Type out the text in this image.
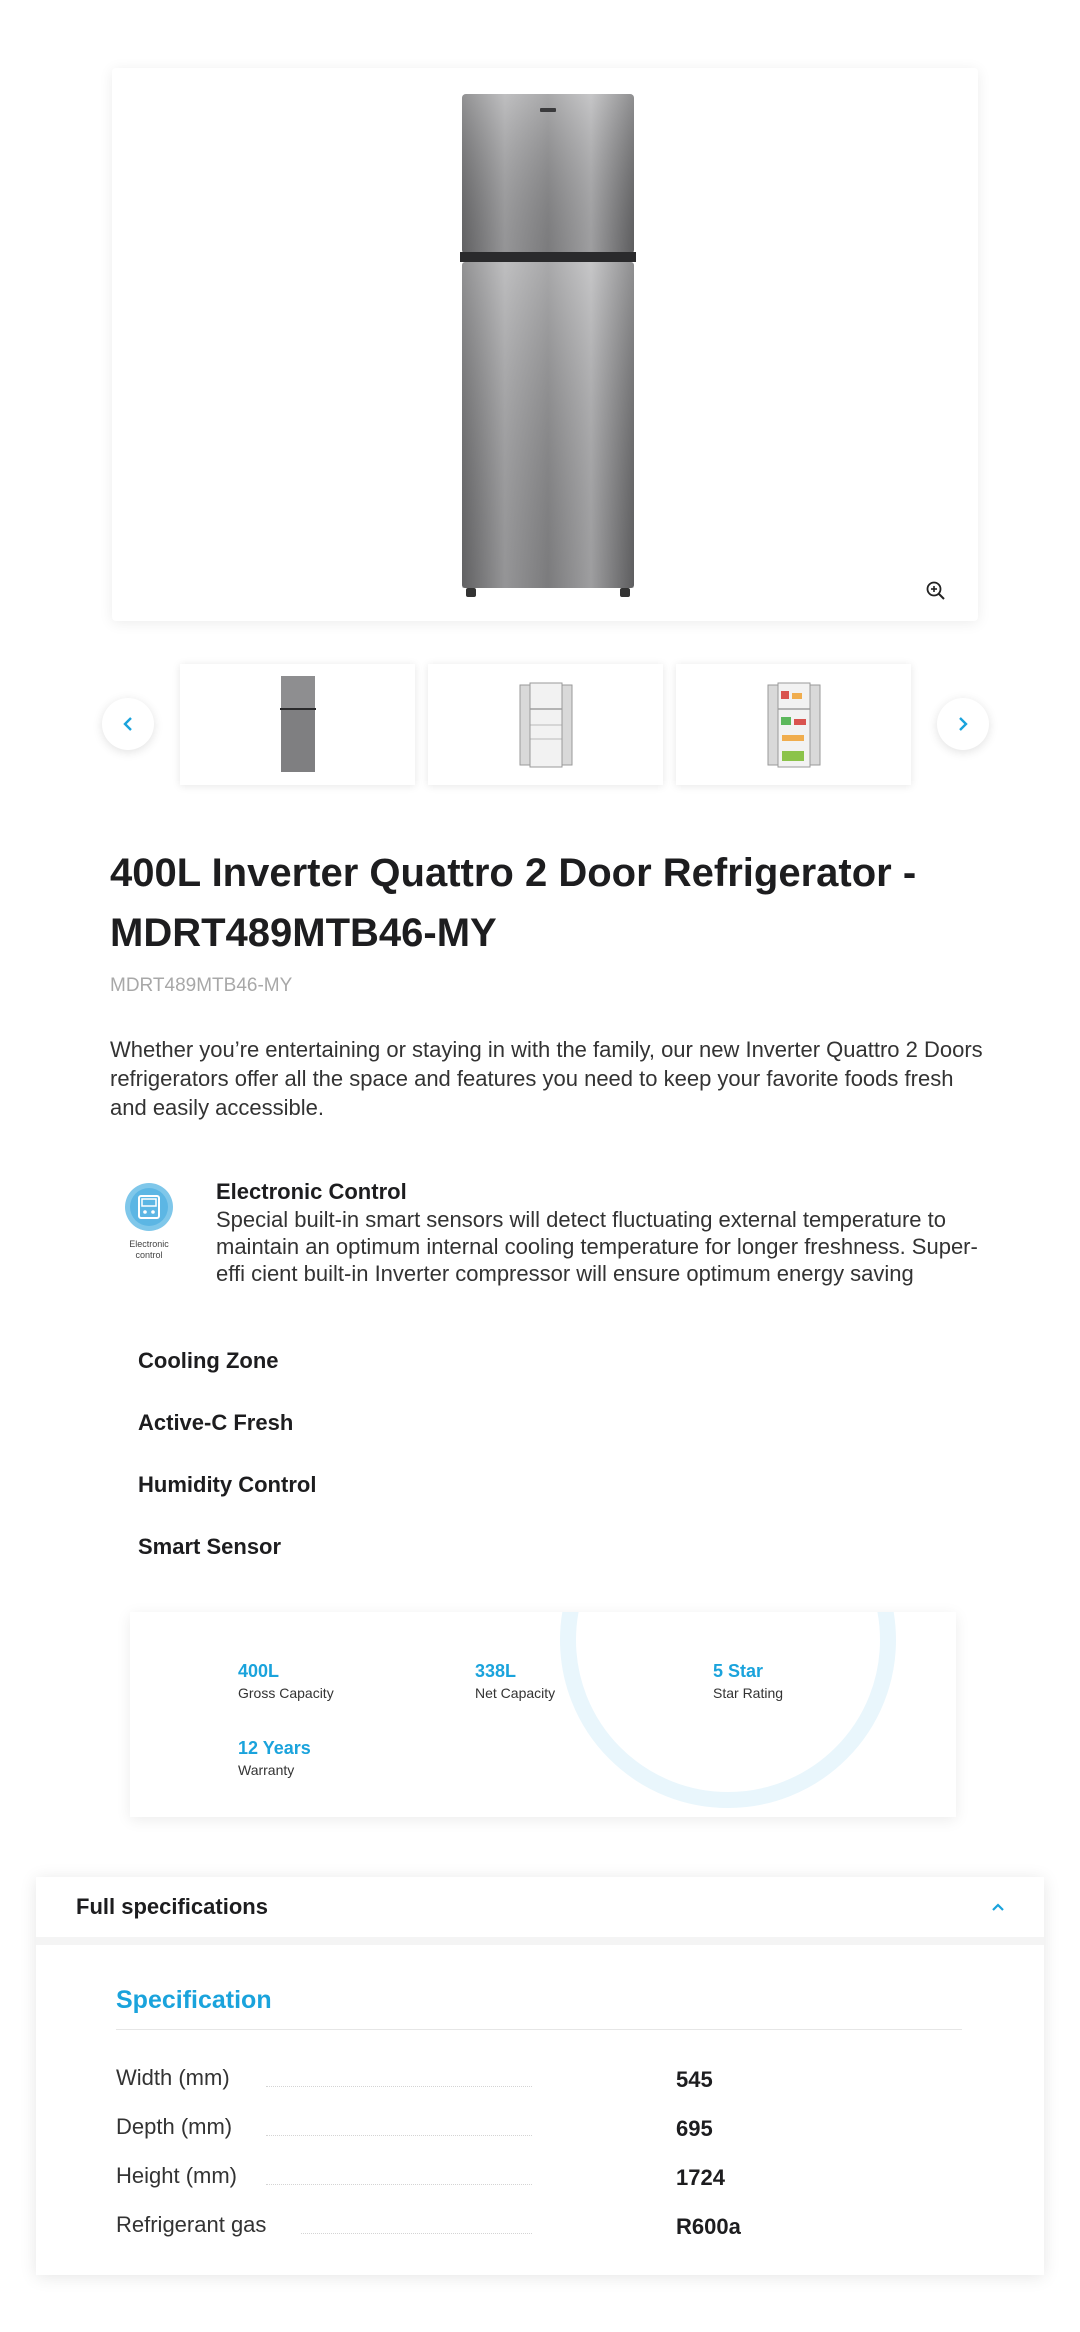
400L Inverter Quattro 2 Door Refrigerator - MDRT489MTB46-MY
MDRT489MTB46-MY

Whether you’re entertaining or staying in with the family, our new Inverter Quattro 2 Doors refrigerators offer all the space and features you need to keep your favorite foods fresh and easily accessible.

Electronic control
Electronic Control
Special built-in smart sensors will detect fluctuating external temperature to maintain an optimum internal cooling temperature for longer freshness. Super-effi cient built-in Inverter compressor will ensure optimum energy saving
Cooling Zone
Active-C Fresh
Humidity Control
Smart Sensor
400L
Gross Capacity
338L
Net Capacity
5 Star
Star Rating
12 Years
Warranty
Full specifications
Specification
Width (mm)	545
Depth (mm)	695
Height (mm)	1724
Refrigerant gas	R600a
